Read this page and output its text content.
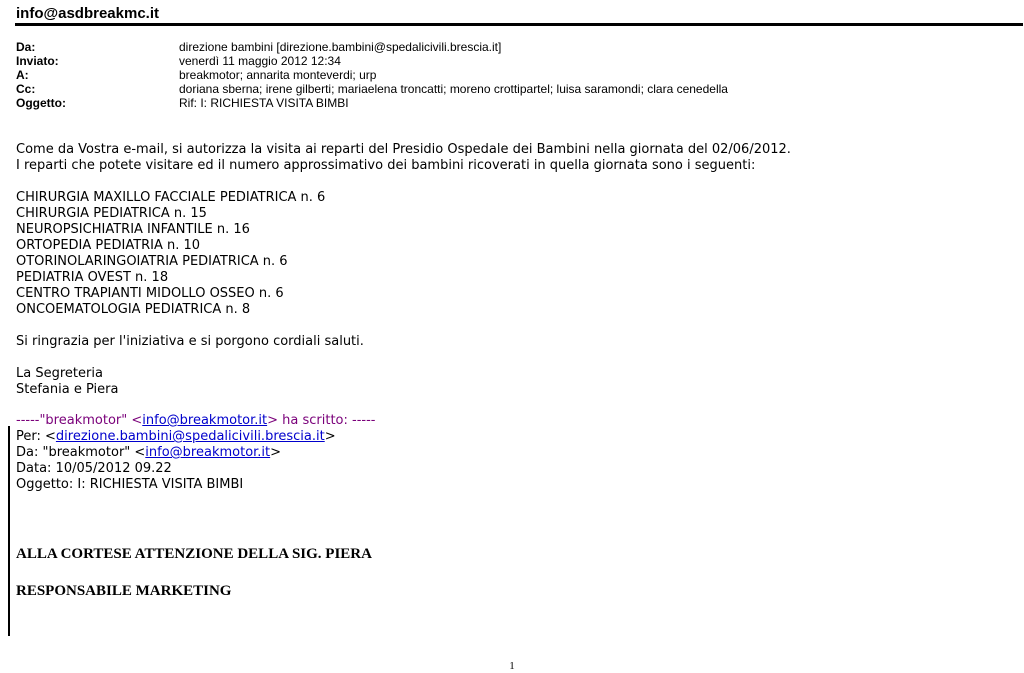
info@asdbreakmc.it
Da:	direzione bambini [direzione.bambini@spedalicivili.brescia.it]
Inviato:	venerdì 11 maggio 2012 12:34
A:	breakmotor; annarita monteverdi; urp
Cc:	doriana sberna; irene gilberti; mariaelena troncatti; moreno crottipartel; luisa saramondi; clara cenedella
Oggetto:	Rif: I: RICHIESTA VISITA BIMBI
Come da Vostra e-mail, si autorizza la visita ai reparti del Presidio Ospedale dei Bambini nella giornata del 02/06/2012.
I reparti che potete visitare ed il numero approssimativo dei bambini ricoverati in quella giornata sono i seguenti:
CHIRURGIA MAXILLO FACCIALE PEDIATRICA n. 6
CHIRURGIA PEDIATRICA n. 15
NEUROPSICHIATRIA INFANTILE n. 16
ORTOPEDIA PEDIATRIA n. 10
OTORINOLARINGOIATRIA PEDIATRICA n. 6
PEDIATRIA OVEST n. 18
CENTRO TRAPIANTI MIDOLLO OSSEO n. 6
ONCOEMATOLOGIA PEDIATRICA n. 8
Si ringrazia per l'iniziativa e si porgono cordiali saluti.
La Segreteria
Stefania e Piera
-----"breakmotor" <info@breakmotor.it> ha scritto: -----
Per: <direzione.bambini@spedalicivili.brescia.it>
Da: "breakmotor" <info@breakmotor.it>
Data: 10/05/2012 09.22
Oggetto: I: RICHIESTA VISITA BIMBI
ALLA CORTESE ATTENZIONE DELLA SIG. PIERA
RESPONSABILE MARKETING
1
